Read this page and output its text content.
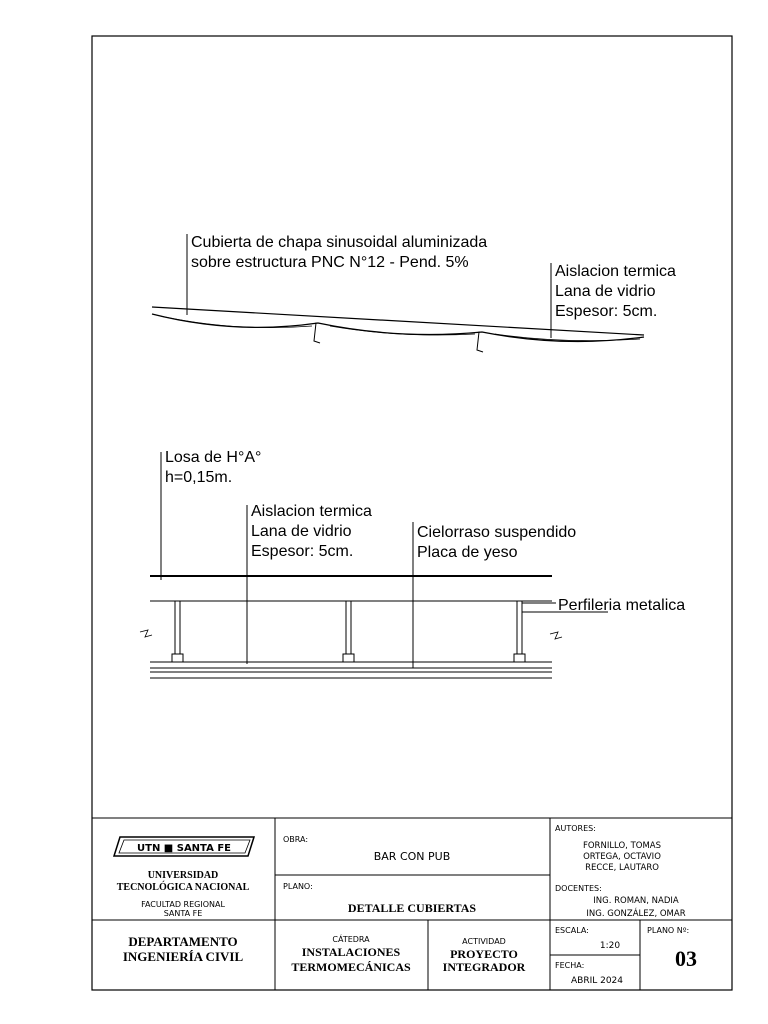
Cubierta de chapa sinusoidal aluminizada
sobre estructura PNC N°12 - Pend. 5%
Aislacion termica
Lana de vidrio
Espesor: 5cm.
Losa de H°A°
h=0,15m.
Aislacion termica
Lana de vidrio
Espesor: 5cm.
Cielorraso suspendido
Placa de yeso
Perfileria metalica
UTN ■ SANTA FE
UNIVERSIDAD
TECNOLÓGICA NACIONAL
FACULTAD REGIONAL
SANTA FE
DEPARTAMENTO
INGENIERÍA CIVIL
OBRA:
BAR CON PUB
PLANO:
DETALLE CUBIERTAS
CÁTEDRA
INSTALACIONES
TERMOMECÁNICAS
ACTIVIDAD
PROYECTO
INTEGRADOR
AUTORES:
FORNILLO, TOMAS
ORTEGA, OCTAVIO
RECCE, LAUTARO
DOCENTES:
ING. ROMAN, NADIA
ING. GONZÁLEZ, OMAR
ESCALA:
1:20
FECHA:
ABRIL 2024
PLANO Nº:
03
